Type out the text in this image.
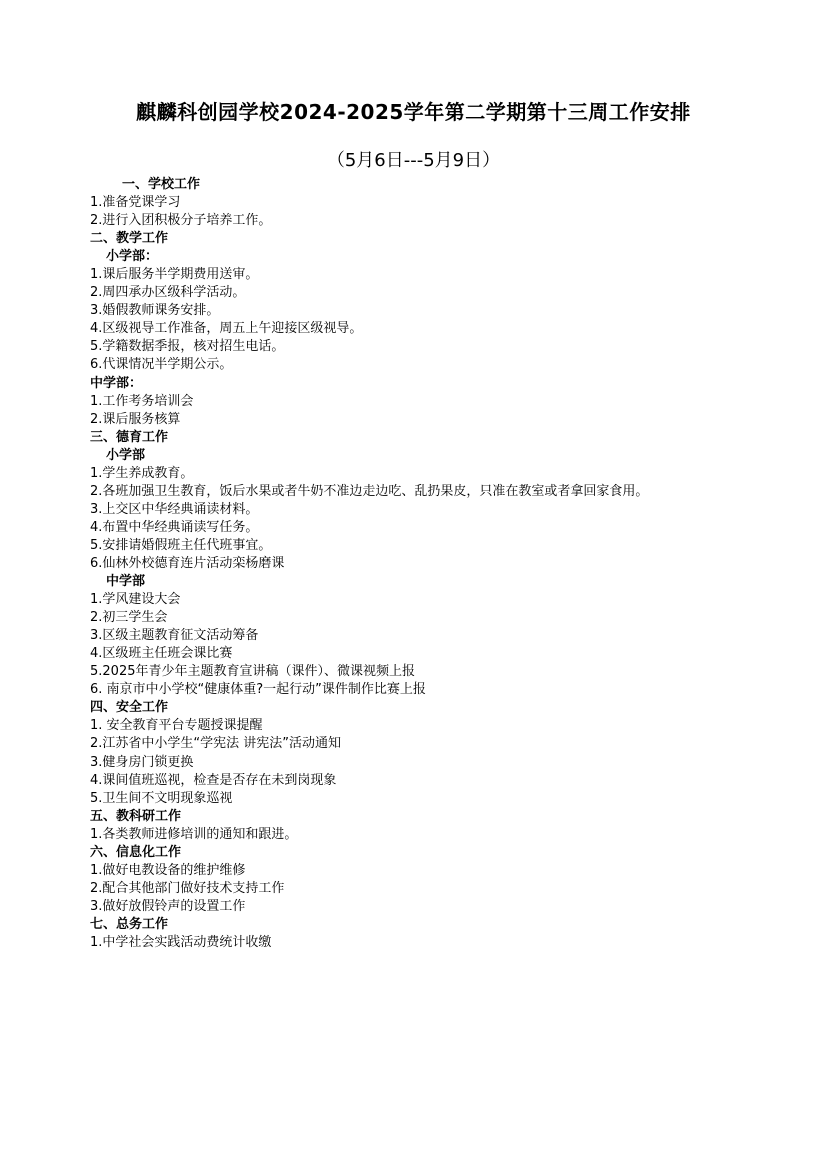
麒麟科创园学校2024-2025学年第二学期第十三周工作安排
（5月6日---5月9日）
一、学校工作
1.准备党课学习
2.进行入团积极分子培养工作。
二、教学工作
小学部：
1.课后服务半学期费用送审。
2.周四承办区级科学活动。
3.婚假教师课务安排。
4.区级视导工作准备，周五上午迎接区级视导。
5.学籍数据季报，核对招生电话。
6.代课情况半学期公示。
中学部：
1.工作考务培训会
2.课后服务核算
三、德育工作
小学部
1.学生养成教育。
2.各班加强卫生教育，饭后水果或者牛奶不准边走边吃、乱扔果皮，只准在教室或者拿回家食用。
3.上交区中华经典诵读材料。
4.布置中华经典诵读写任务。
5.安排请婚假班主任代班事宜。
6.仙林外校德育连片活动栾杨磨课
中学部
1.学风建设大会
2.初三学生会
3.区级主题教育征文活动筹备
4.区级班主任班会课比赛
5.2025年青少年主题教育宣讲稿（课件）、微课视频上报
6. 南京市中小学校“健康体重?一起行动”课件制作比赛上报
四、安全工作
1. 安全教育平台专题授课提醒
2.江苏省中小学生“学宪法 讲宪法”活动通知
3.健身房门锁更换
4.课间值班巡视，检查是否存在未到岗现象
5.卫生间不文明现象巡视
五、教科研工作
1.各类教师进修培训的通知和跟进。
六、信息化工作
1.做好电教设备的维护维修
2.配合其他部门做好技术支持工作
3.做好放假铃声的设置工作
七、总务工作
1.中学社会实践活动费统计收缴
